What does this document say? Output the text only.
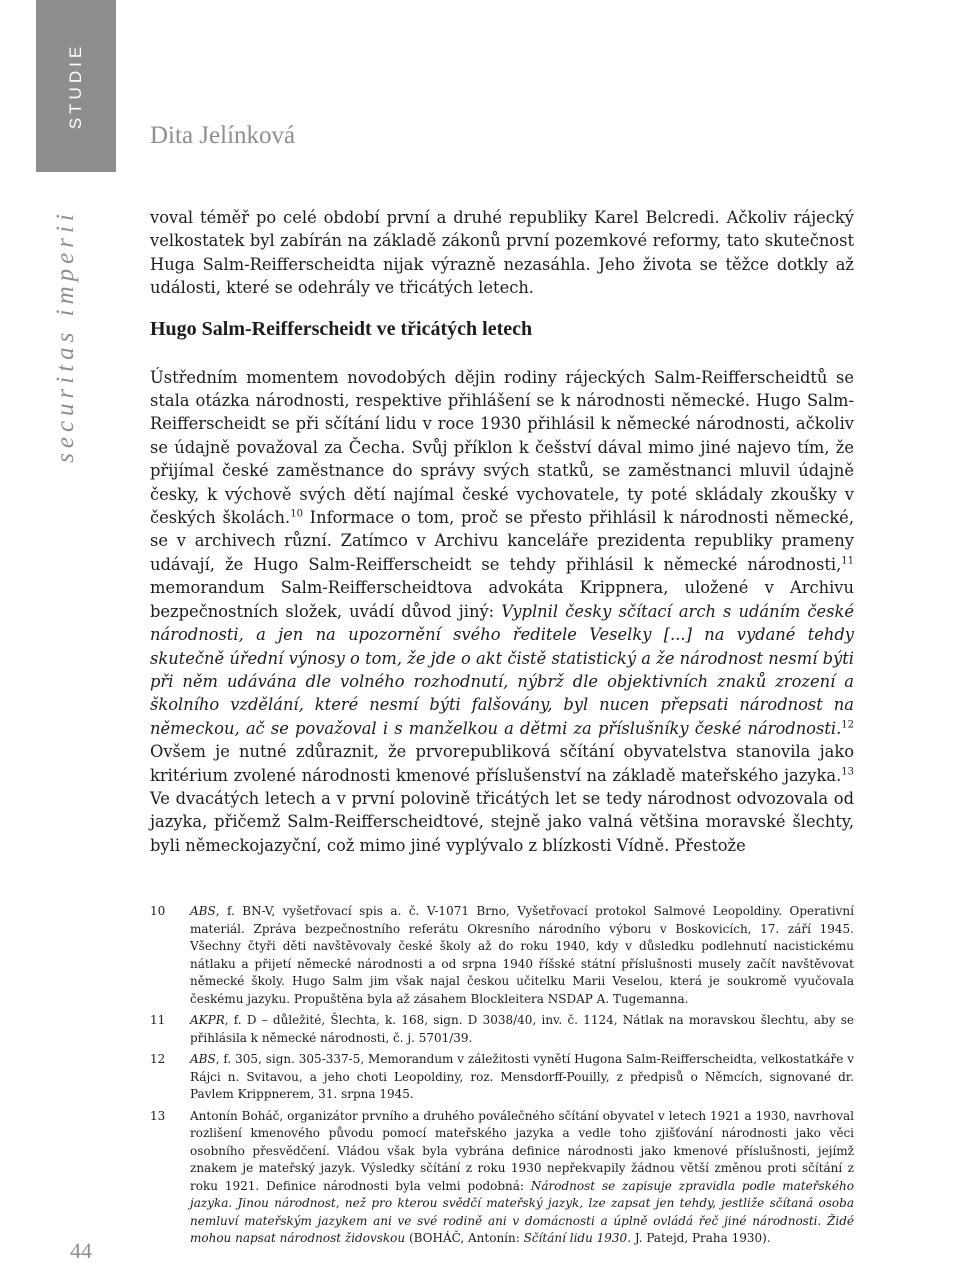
STUDIE
securitas imperii
Dita Jelínková

voval téměř po celé období první a druhé republiky Karel Belcredi. Ačkoliv rájecký velkostatek byl zabírán na základě zákonů první pozemkové reformy, tato skutečnost Huga Salm-Reifferscheidta nijak výrazně nezasáhla. Jeho života se těžce dotkly až události, které se odehrály ve třicátých letech.

Hugo Salm-Reifferscheidt ve třicátých letech

Ústředním momentem novodobých dějin rodiny rájeckých Salm-Reifferscheidtů se stala otázka národnosti, respektive přihlášení se k národnosti německé. Hugo Salm-Reifferscheidt se při sčítání lidu v roce 1930 přihlásil k německé národnosti, ačkoliv se údajně považoval za Čecha. Svůj příklon k češství dával mimo jiné najevo tím, že přijímal české zaměstnance do správy svých statků, se zaměstnanci mluvil údajně česky, k výchově svých dětí najímal české vychovatele, ty poté skládaly zkoušky v českých školách.$^{10}$ Informace o tom, proč se přesto přihlásil k národnosti německé, se v archivech různí. Zatímco v Archivu kanceláře prezidenta republiky prameny udávají, že Hugo Salm-Reifferscheidt se tehdy přihlásil k německé národnosti,$^{11}$ memorandum Salm-Reifferscheidtova advokáta Krippnera, uložené v Archivu bezpečnostních složek, uvádí důvod jiný: Vyplnil česky sčítací arch s udáním české národnosti, a jen na upozornění svého ředitele Veselky [...] na vydané tehdy skutečně úřední výnosy o tom, že jde o akt čistě statistický a že národnost nesmí býti při něm udávána dle volného rozhodnutí, nýbrž dle objektivních znaků zrození a školního vzdělání, které nesmí býti falšovány, byl nucen přepsati národnost na německou, ač se považoval i s manželkou a dětmi za příslušníky české národnosti.$^{12}$ Ovšem je nutné zdůraznit, že prvorepubliková sčítání obyvatelstva stanovila jako kritérium zvolené národnosti kmenové příslušenství na základě mateřského jazyka.$^{13}$ Ve dvacátých letech a v první polovině třicátých let se tedy národnost odvozovala od jazyka, přičemž Salm-Reifferscheidtové, stejně jako valná většina moravské šlechty, byli německojazyční, což mimo jiné vyplývalo z blízkosti Vídně. Přestože

10	ABS, f. BN-V, vyšetřovací spis a. č. V-1071 Brno, Vyšetřovací protokol Salmové Leopoldiny. Operativní materiál. Zpráva bezpečnostního referátu Okresního národního výboru v Boskovicích, 17. září 1945. Všechny čtyři děti navštěvovaly české školy až do roku 1940, kdy v důsledku podlehnutí nacistickému nátlaku a přijetí německé národnosti a od srpna 1940 říšské státní příslušnosti musely začít navštěvovat německé školy. Hugo Salm jim však najal českou učitelku Marii Veselou, která je soukromě vyučovala českému jazyku. Propuštěna byla až zásahem Blockleitera NSDAP A. Tugemanna.
11	AKPR, f. D – důležité, Šlechta, k. 168, sign. D 3038/40, inv. č. 1124, Nátlak na moravskou šlechtu, aby se přihlásila k německé národnosti, č. j. 5701/39.
12	ABS, f. 305, sign. 305-337-5, Memorandum v záležitosti vynětí Hugona Salm-Reifferscheidta, velkostatkáře v Rájci n. Svitavou, a jeho choti Leopoldiny, roz. Mensdorff-Pouilly, z předpisů o Němcích, signované dr. Pavlem Krippnerem, 31. srpna 1945.
13	Antonín Boháč, organizátor prvního a druhého poválečného sčítání obyvatel v letech 1921 a 1930, navrhoval rozlišení kmenového původu pomocí mateřského jazyka a vedle toho zjišťování národnosti jako věci osobního přesvědčení. Vládou však byla vybrána definice národnosti jako kmenové příslušnosti, jejímž znakem je mateřský jazyk. Výsledky sčítání z roku 1930 nepřekvapily žádnou větší změnou proti sčítání z roku 1921. Definice národnosti byla velmi podobná: Národnost se zapisuje zpravidla podle mateřského jazyka. Jinou národnost, než pro kterou svědčí mateřský jazyk, lze zapsat jen tehdy, jestliže sčítaná osoba nemluví mateřským jazykem ani ve své rodině ani v domácnosti a úplně ovládá řeč jiné národnosti. Židé mohou napsat národnost židovskou (BOHÁČ, Antonín: Sčítání lidu 1930. J. Patejd, Praha 1930).
44
